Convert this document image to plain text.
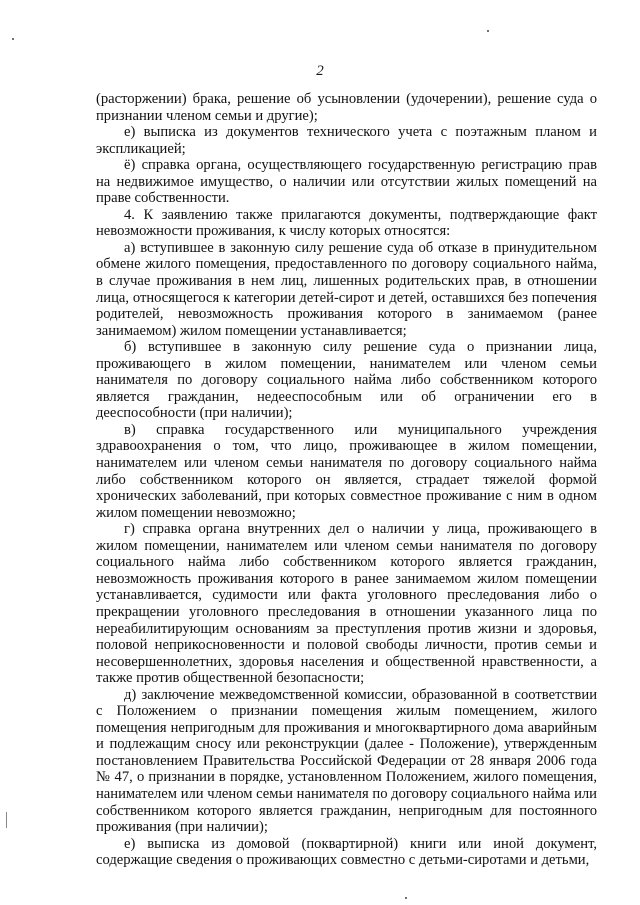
2

(расторжении) брака, решение об усыновлении (удочерении), решение суда о признании членом семьи и другие);

е) выписка из документов технического учета с поэтажным планом и экспликацией;

ё) справка органа, осуществляющего государственную регистрацию прав на недвижимое имущество, о наличии или отсутствии жилых помещений на праве собственности.

4. К заявлению также прилагаются документы, подтверждающие факт невозможности проживания, к числу которых относятся:

а) вступившее в законную силу решение суда об отказе в принудительном обмене жилого помещения, предоставленного по договору социального найма, в случае проживания в нем лиц, лишенных родительских прав, в отношении лица, относящегося к категории детей-сирот и детей, оставшихся без попечения родителей, невозможность проживания которого в занимаемом (ранее занимаемом) жилом помещении устанавливается;

б) вступившее в законную силу решение суда о признании лица, проживающего в жилом помещении, нанимателем или членом семьи нанимателя по договору социального найма либо собственником которого является гражданин, недееспособным или об ограничении его в дееспособности (при наличии);

в) справка государственного или муниципального учреждения здравоохранения о том, что лицо, проживающее в жилом помещении, нанимателем или членом семьи нанимателя по договору социального найма либо собственником которого он является, страдает тяжелой формой хронических заболеваний, при которых совместное проживание с ним в одном жилом помещении невозможно;

г) справка органа внутренних дел о наличии у лица, проживающего в жилом помещении, нанимателем или членом семьи нанимателя по договору социального найма либо собственником которого является гражданин, невозможность проживания которого в ранее занимаемом жилом помещении устанавливается, судимости или факта уголовного преследования либо о прекращении уголовного преследования в отношении указанного лица по нереабилитирующим основаниям за преступления против жизни и здоровья, половой неприкосновенности и половой свободы личности, против семьи и несовершеннолетних, здоровья населения и общественной нравственности, а также против общественной безопасности;

д) заключение межведомственной комиссии, образованной в соответствии с Положением о признании помещения жилым помещением, жилого помещения непригодным для проживания и многоквартирного дома аварийным и подлежащим сносу или реконструкции (далее - Положение), утвержденным постановлением Правительства Российской Федерации от 28 января 2006 года № 47, о признании в порядке, установленном Положением, жилого помещения, нанимателем или членом семьи нанимателя по договору социального найма или собственником которого является гражданин, непригодным для постоянного проживания (при наличии);

е) выписка из домовой (поквартирной) книги или иной документ, содержащие сведения о проживающих совместно с детьми-сиротами и детьми,
